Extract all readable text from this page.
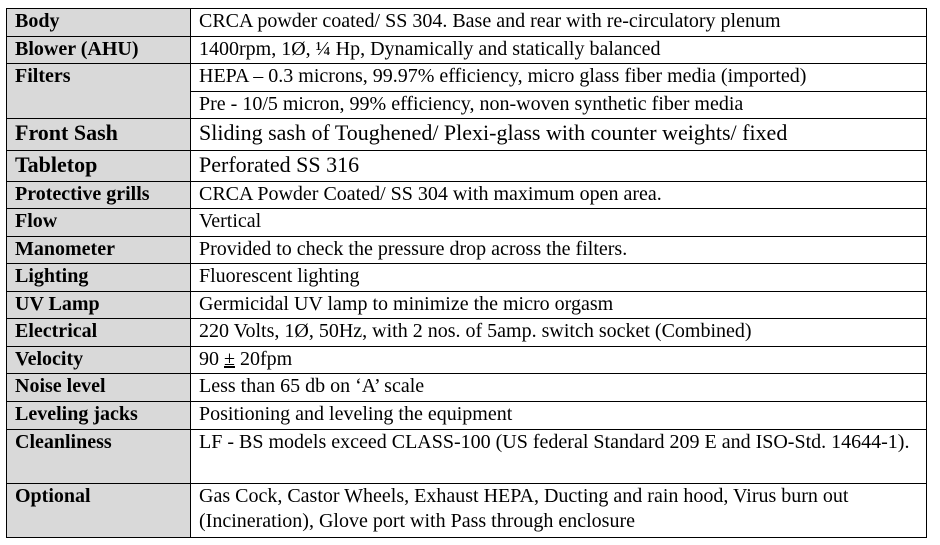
Body	CRCA powder coated/ SS 304. Base and rear with re-circulatory plenum
Blower (AHU)	1400rpm, 1Ø, ¼ Hp, Dynamically and statically balanced
Filters	HEPA – 0.3 microns, 99.97% efficiency, micro glass fiber media (imported)
	Pre - 10/5 micron, 99% efficiency, non-woven synthetic fiber media
Front Sash	Sliding sash of Toughened/ Plexi-glass with counter weights/ fixed
Tabletop	Perforated SS 316
Protective grills	CRCA Powder Coated/ SS 304 with maximum open area.
Flow	Vertical
Manometer	Provided to check the pressure drop across the filters.
Lighting	Fluorescent lighting
UV Lamp	Germicidal UV lamp to minimize the micro orgasm
Electrical	220 Volts, 1Ø, 50Hz, with 2 nos. of 5amp. switch socket (Combined)
Velocity	90 ± 20fpm
Noise level	Less than 65 db on ‘A’ scale
Leveling jacks	Positioning and leveling the equipment
Cleanliness	LF - BS models exceed CLASS-100 (US federal Standard 209 E and ISO-Std. 14644-1).
Optional	Gas Cock, Castor Wheels, Exhaust HEPA, Ducting and rain hood, Virus burn out (Incineration), Glove port with Pass through enclosure
